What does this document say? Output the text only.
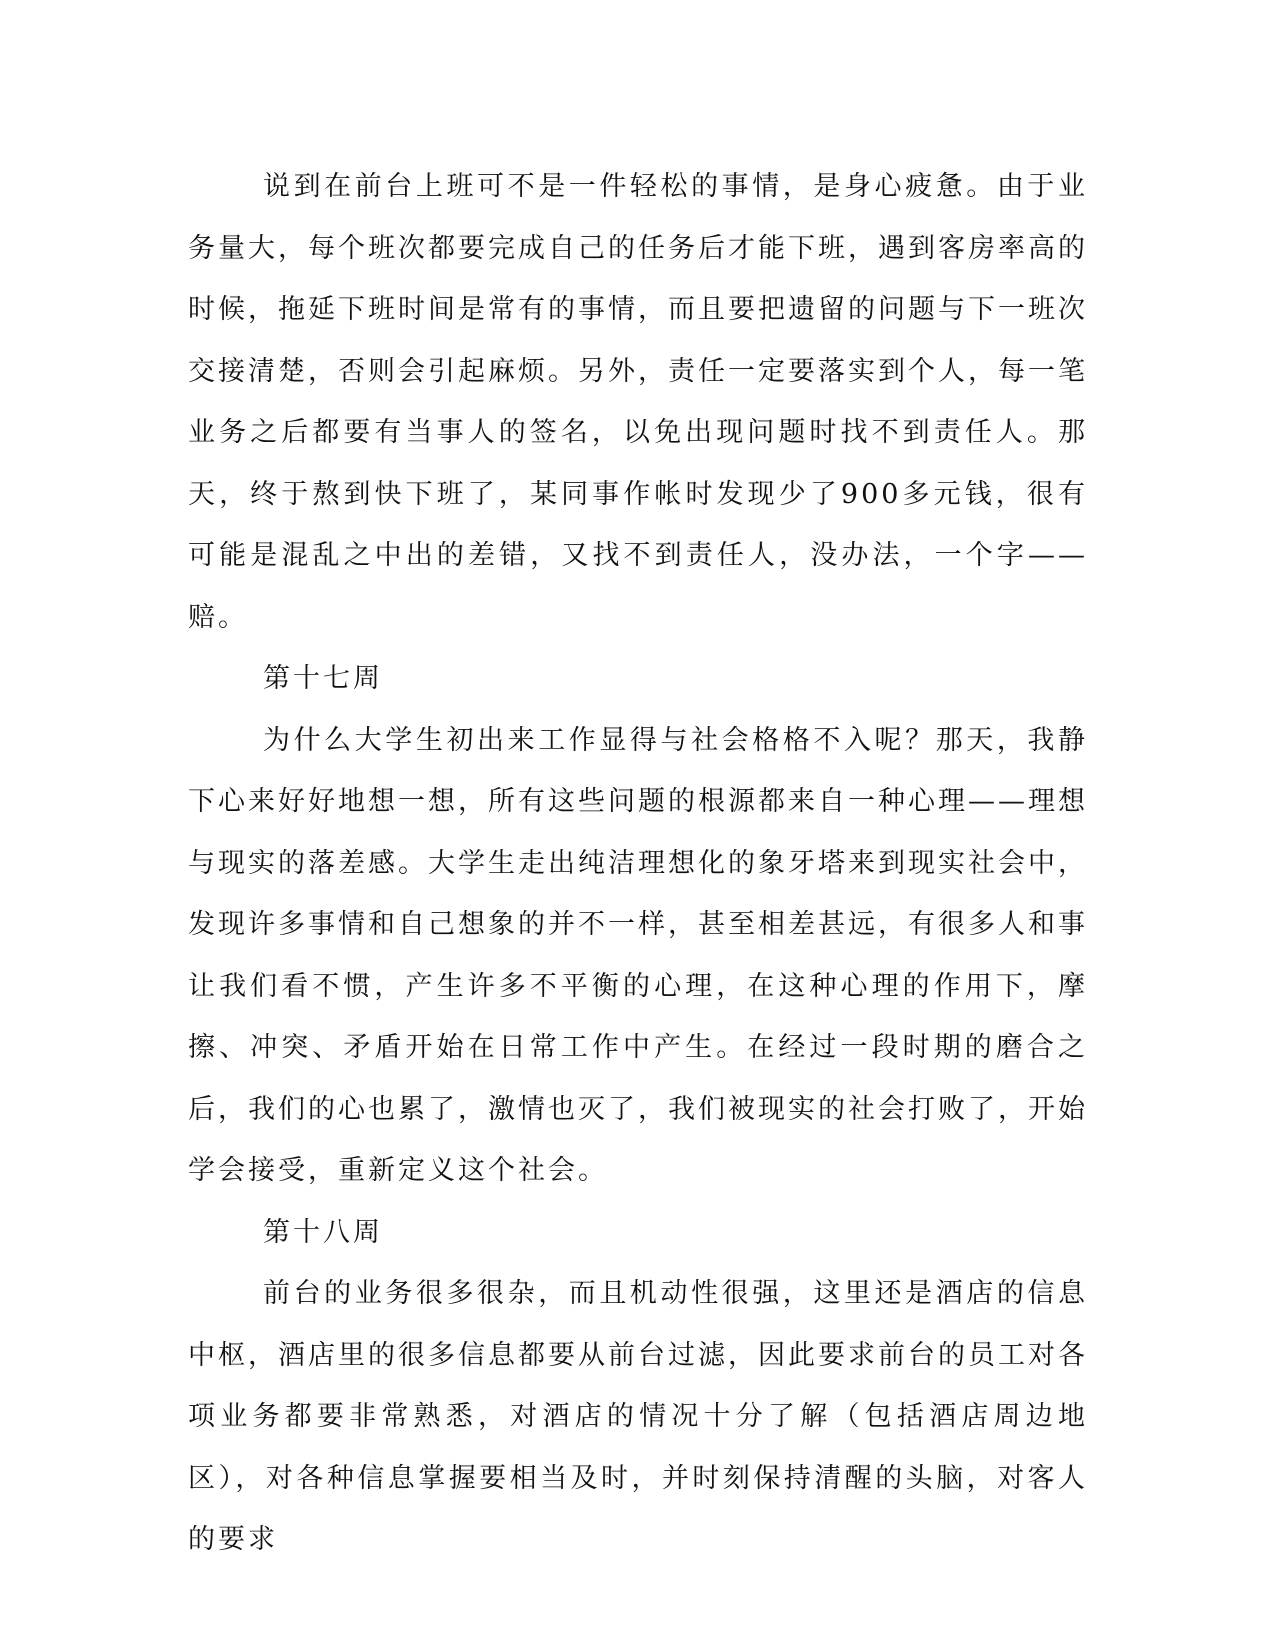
说到在前台上班可不是一件轻松的事情，是身心疲惫。由于业务量大，每个班次都要完成自己的任务后才能下班，遇到客房率高的时候，拖延下班时间是常有的事情，而且要把遗留的问题与下一班次交接清楚，否则会引起麻烦。另外，责任一定要落实到个人，每一笔业务之后都要有当事人的签名，以免出现问题时找不到责任人。那天，终于熬到快下班了，某同事作帐时发现少了900多元钱，很有可能是混乱之中出的差错，又找不到责任人，没办法，一个字——赔。

第十七周

为什么大学生初出来工作显得与社会格格不入呢？那天，我静下心来好好地想一想，所有这些问题的根源都来自一种心理——理想与现实的落差感。大学生走出纯洁理想化的象牙塔来到现实社会中，发现许多事情和自己想象的并不一样，甚至相差甚远，有很多人和事让我们看不惯，产生许多不平衡的心理，在这种心理的作用下，摩擦、冲突、矛盾开始在日常工作中产生。在经过一段时期的磨合之后，我们的心也累了，激情也灭了，我们被现实的社会打败了，开始学会接受，重新定义这个社会。

第十八周

前台的业务很多很杂，而且机动性很强，这里还是酒店的信息中枢，酒店里的很多信息都要从前台过滤，因此要求前台的员工对各项业务都要非常熟悉，对酒店的情况十分了解（包括酒店周边地区），对各种信息掌握要相当及时，并时刻保持清醒的头脑，对客人的要求
